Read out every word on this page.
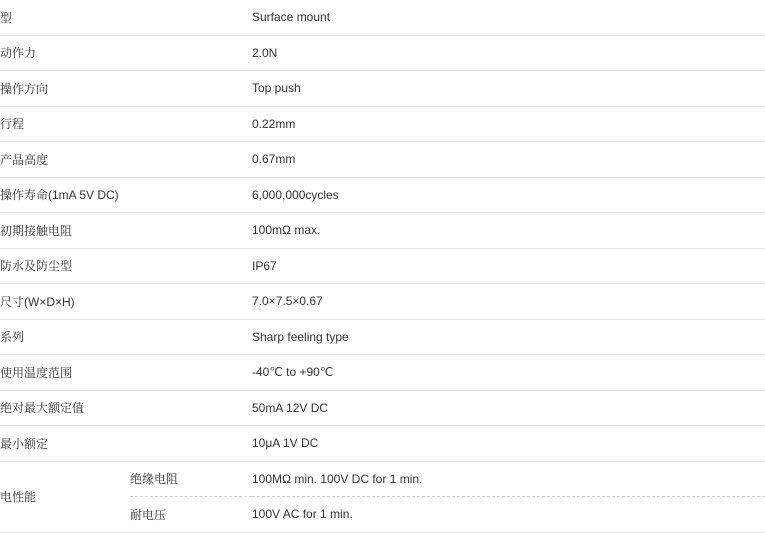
型		Surface mount
动作力		2.0N
操作方向		Top push
行程		0.22mm
产品高度		0.67mm
操作寿命(1mA 5V DC)		6,000,000cycles
初期接触电阻		100mΩ max.
防水及防尘型		IP67
尺寸(W×D×H)		7.0×7.5×0.67
系列		Sharp feeling type
使用温度范围		-40℃ to +90℃
绝对最大额定值		50mA 12V DC
最小额定		10μA 1V DC
电性能	绝缘电阻	100MΩ min. 100V DC for 1 min.
	耐电压	100V AC for 1 min.
